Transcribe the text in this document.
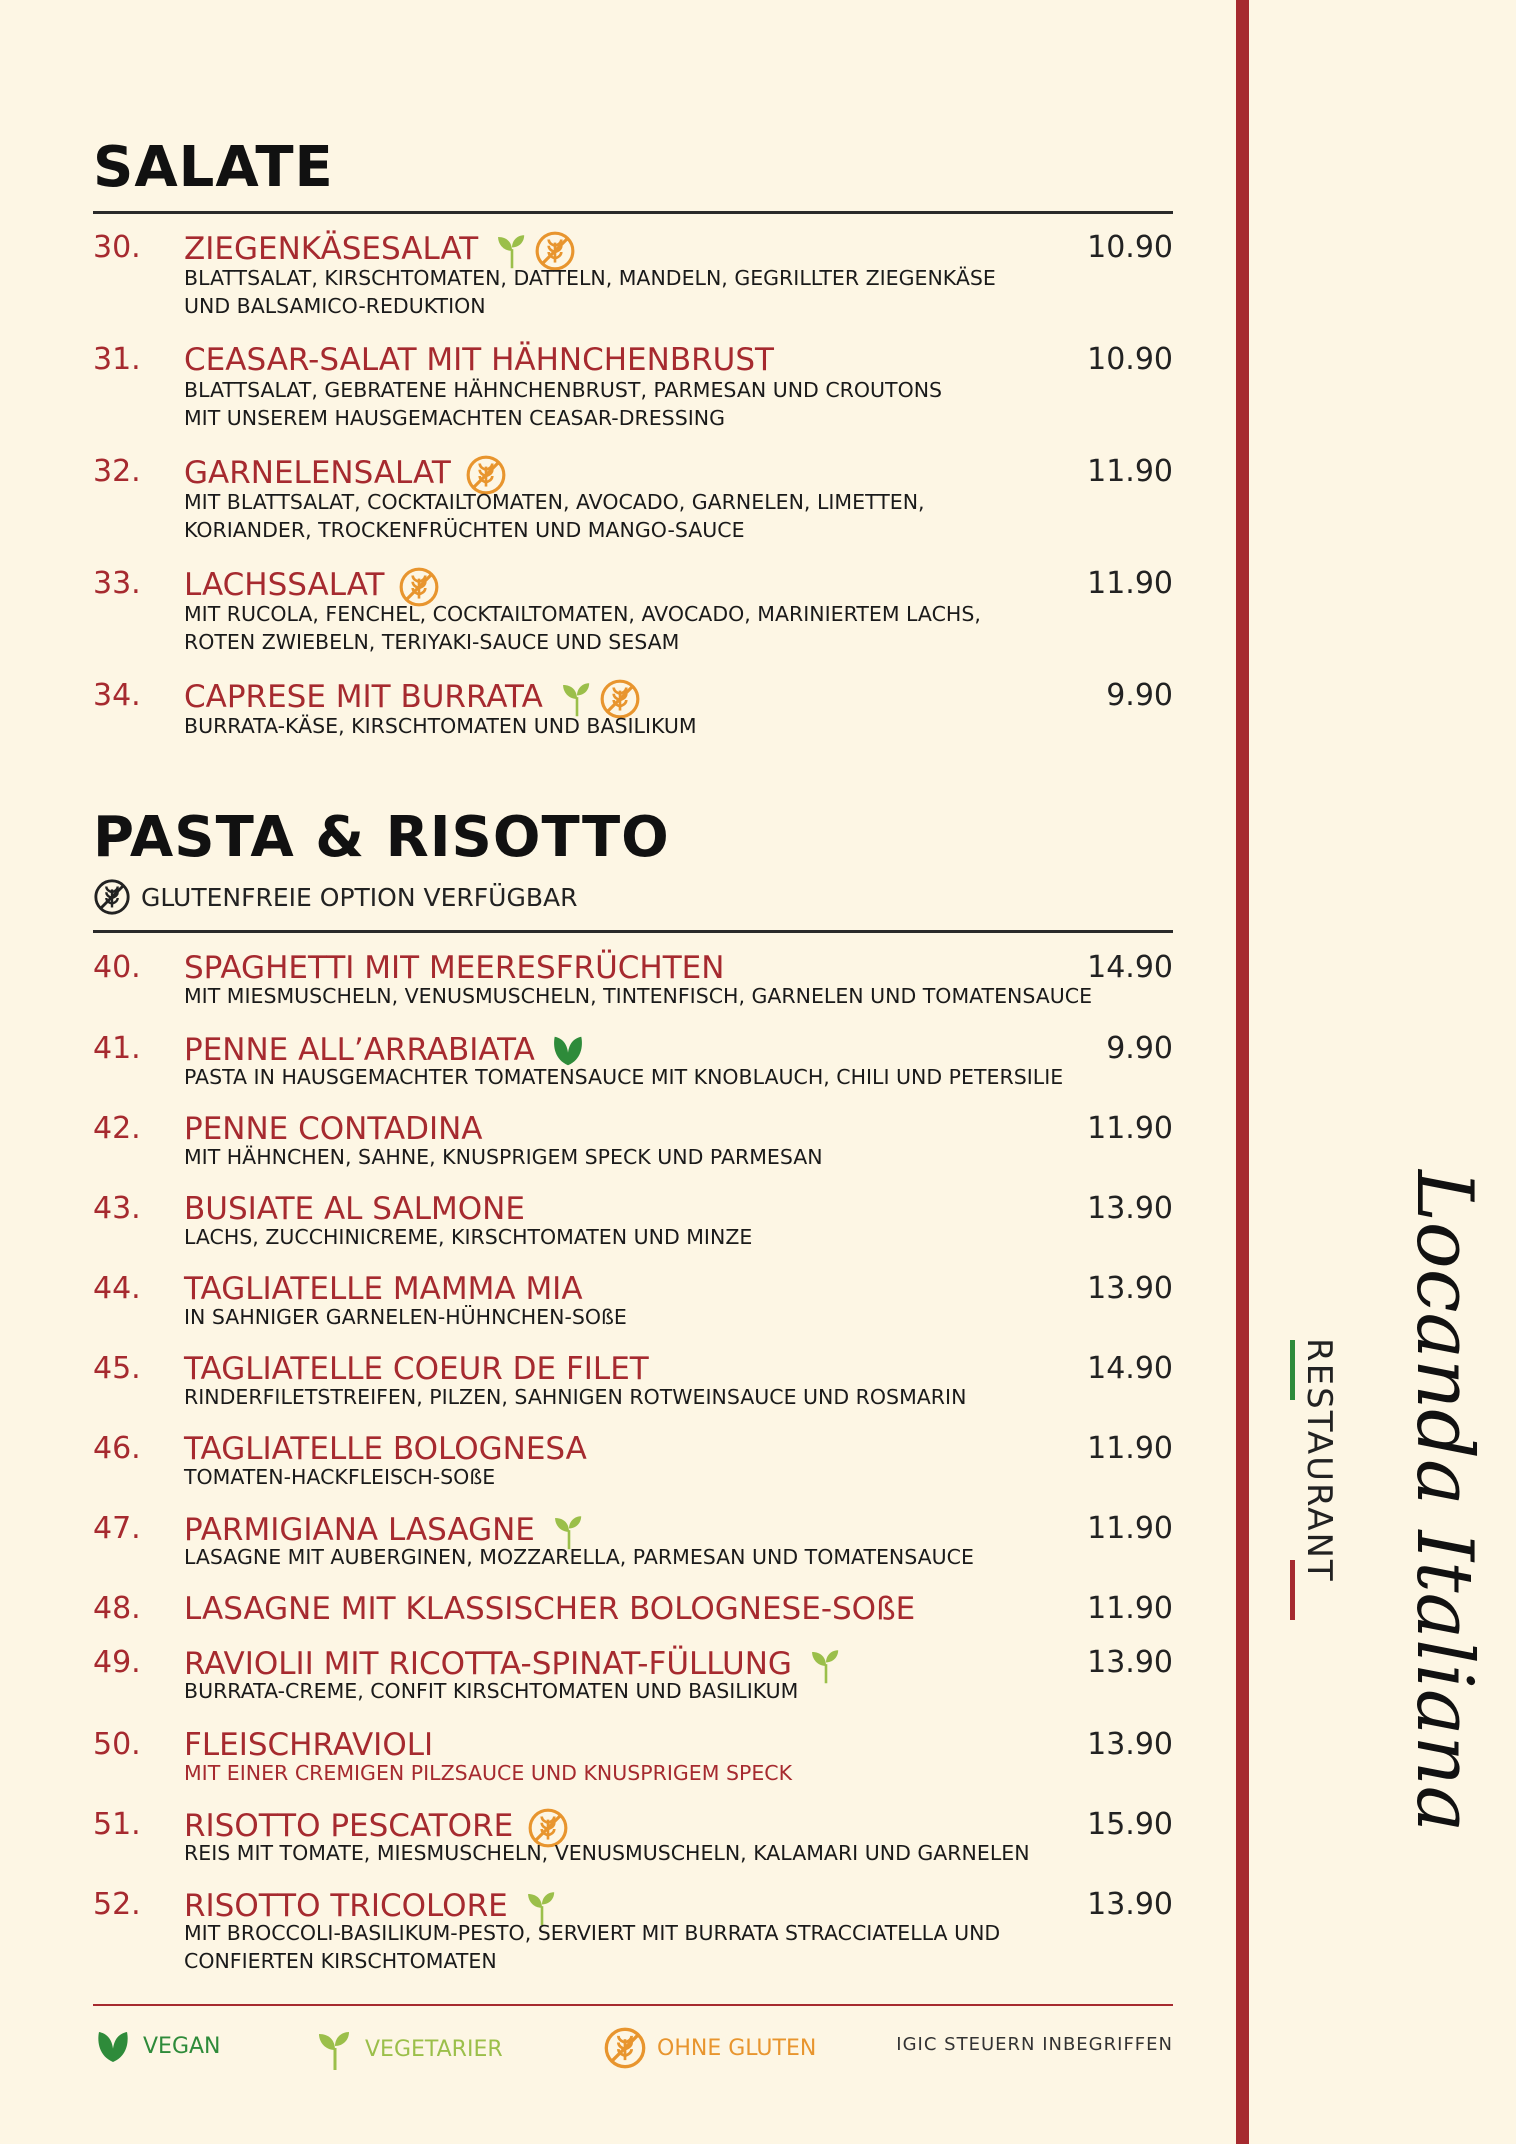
SALATE
30. ZIEGENKÄSESALAT	10.90
BLATTSALAT, KIRSCHTOMATEN, DATTELN, MANDELN, GEGRILLTER ZIEGENKÄSE
UND BALSAMICO-REDUKTION
31. CEASAR-SALAT MIT HÄHNCHENBRUST	10.90
BLATTSALAT, GEBRATENE HÄHNCHENBRUST, PARMESAN UND CROUTONS
MIT UNSEREM HAUSGEMACHTEN CEASAR-DRESSING
32. GARNELENSALAT	11.90
MIT BLATTSALAT, COCKTAILTOMATEN, AVOCADO, GARNELEN, LIMETTEN,
KORIANDER, TROCKENFRÜCHTEN UND MANGO-SAUCE
33. LACHSSALAT	11.90
MIT RUCOLA, FENCHEL, COCKTAILTOMATEN, AVOCADO, MARINIERTEM LACHS,
ROTEN ZWIEBELN, TERIYAKI-SAUCE UND SESAM
34. CAPRESE MIT BURRATA	9.90
BURRATA-KÄSE, KIRSCHTOMATEN UND BASILIKUM
PASTA & RISOTTO
GLUTENFREIE OPTION VERFÜGBAR
40. SPAGHETTI MIT MEERESFRÜCHTEN	14.90
MIT MIESMUSCHELN, VENUSMUSCHELN, TINTENFISCH, GARNELEN UND TOMATENSAUCE
41. PENNE ALL’ARRABIATA	9.90
PASTA IN HAUSGEMACHTER TOMATENSAUCE MIT KNOBLAUCH, CHILI UND PETERSILIE
42. PENNE CONTADINA	11.90
MIT HÄHNCHEN, SAHNE, KNUSPRIGEM SPECK UND PARMESAN
43. BUSIATE AL SALMONE	13.90
LACHS, ZUCCHINICREME, KIRSCHTOMATEN UND MINZE
44. TAGLIATELLE MAMMA MIA	13.90
IN SAHNIGER GARNELEN-HÜHNCHEN-SOßE
45. TAGLIATELLE COEUR DE FILET	14.90
RINDERFILETSTREIFEN, PILZEN, SAHNIGEN ROTWEINSAUCE UND ROSMARIN
46. TAGLIATELLE BOLOGNESA	11.90
TOMATEN-HACKFLEISCH-SOßE
47. PARMIGIANA LASAGNE	11.90
LASAGNE MIT AUBERGINEN, MOZZARELLA, PARMESAN UND TOMATENSAUCE
48. LASAGNE MIT KLASSISCHER BOLOGNESE-SOßE	11.90
49. RAVIOLII MIT RICOTTA-SPINAT-FÜLLUNG	13.90
BURRATA-CREME, CONFIT KIRSCHTOMATEN UND BASILIKUM
50. FLEISCHRAVIOLI	13.90
MIT EINER CREMIGEN PILZSAUCE UND KNUSPRIGEM SPECK
51. RISOTTO PESCATORE	15.90
REIS MIT TOMATE, MIESMUSCHELN, VENUSMUSCHELN, KALAMARI UND GARNELEN
52. RISOTTO TRICOLORE	13.90
MIT BROCCOLI-BASILIKUM-PESTO, SERVIERT MIT BURRATA STRACCIATELLA UND
CONFIERTEN KIRSCHTOMATEN
VEGAN	VEGETARIER	OHNE GLUTEN	IGIC STEUERN INBEGRIFFEN
Locanda Italiana
RESTAURANT
